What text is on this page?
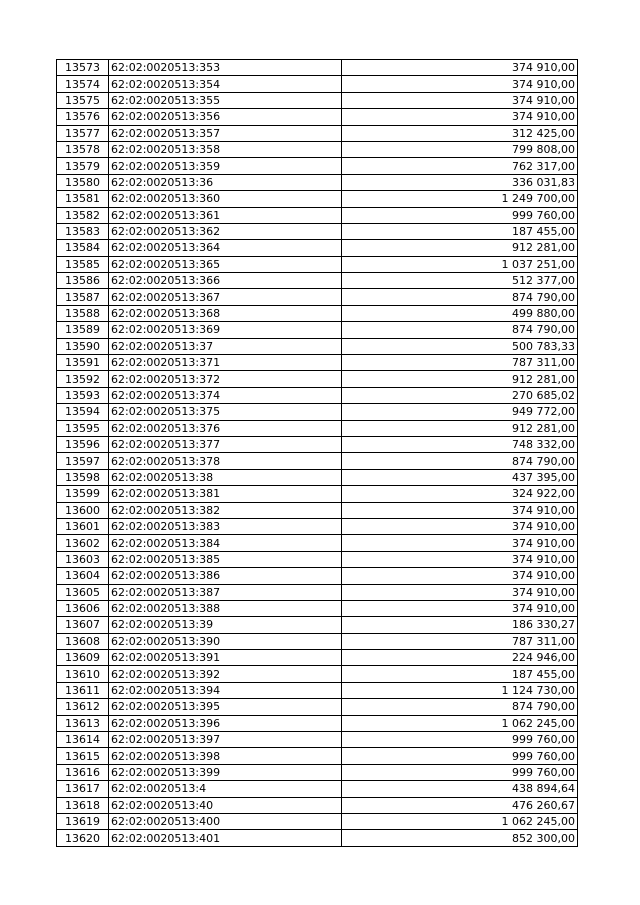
13573	62:02:0020513:353	374 910,00
13574	62:02:0020513:354	374 910,00
13575	62:02:0020513:355	374 910,00
13576	62:02:0020513:356	374 910,00
13577	62:02:0020513:357	312 425,00
13578	62:02:0020513:358	799 808,00
13579	62:02:0020513:359	762 317,00
13580	62:02:0020513:36	336 031,83
13581	62:02:0020513:360	1 249 700,00
13582	62:02:0020513:361	999 760,00
13583	62:02:0020513:362	187 455,00
13584	62:02:0020513:364	912 281,00
13585	62:02:0020513:365	1 037 251,00
13586	62:02:0020513:366	512 377,00
13587	62:02:0020513:367	874 790,00
13588	62:02:0020513:368	499 880,00
13589	62:02:0020513:369	874 790,00
13590	62:02:0020513:37	500 783,33
13591	62:02:0020513:371	787 311,00
13592	62:02:0020513:372	912 281,00
13593	62:02:0020513:374	270 685,02
13594	62:02:0020513:375	949 772,00
13595	62:02:0020513:376	912 281,00
13596	62:02:0020513:377	748 332,00
13597	62:02:0020513:378	874 790,00
13598	62:02:0020513:38	437 395,00
13599	62:02:0020513:381	324 922,00
13600	62:02:0020513:382	374 910,00
13601	62:02:0020513:383	374 910,00
13602	62:02:0020513:384	374 910,00
13603	62:02:0020513:385	374 910,00
13604	62:02:0020513:386	374 910,00
13605	62:02:0020513:387	374 910,00
13606	62:02:0020513:388	374 910,00
13607	62:02:0020513:39	186 330,27
13608	62:02:0020513:390	787 311,00
13609	62:02:0020513:391	224 946,00
13610	62:02:0020513:392	187 455,00
13611	62:02:0020513:394	1 124 730,00
13612	62:02:0020513:395	874 790,00
13613	62:02:0020513:396	1 062 245,00
13614	62:02:0020513:397	999 760,00
13615	62:02:0020513:398	999 760,00
13616	62:02:0020513:399	999 760,00
13617	62:02:0020513:4	438 894,64
13618	62:02:0020513:40	476 260,67
13619	62:02:0020513:400	1 062 245,00
13620	62:02:0020513:401	852 300,00
